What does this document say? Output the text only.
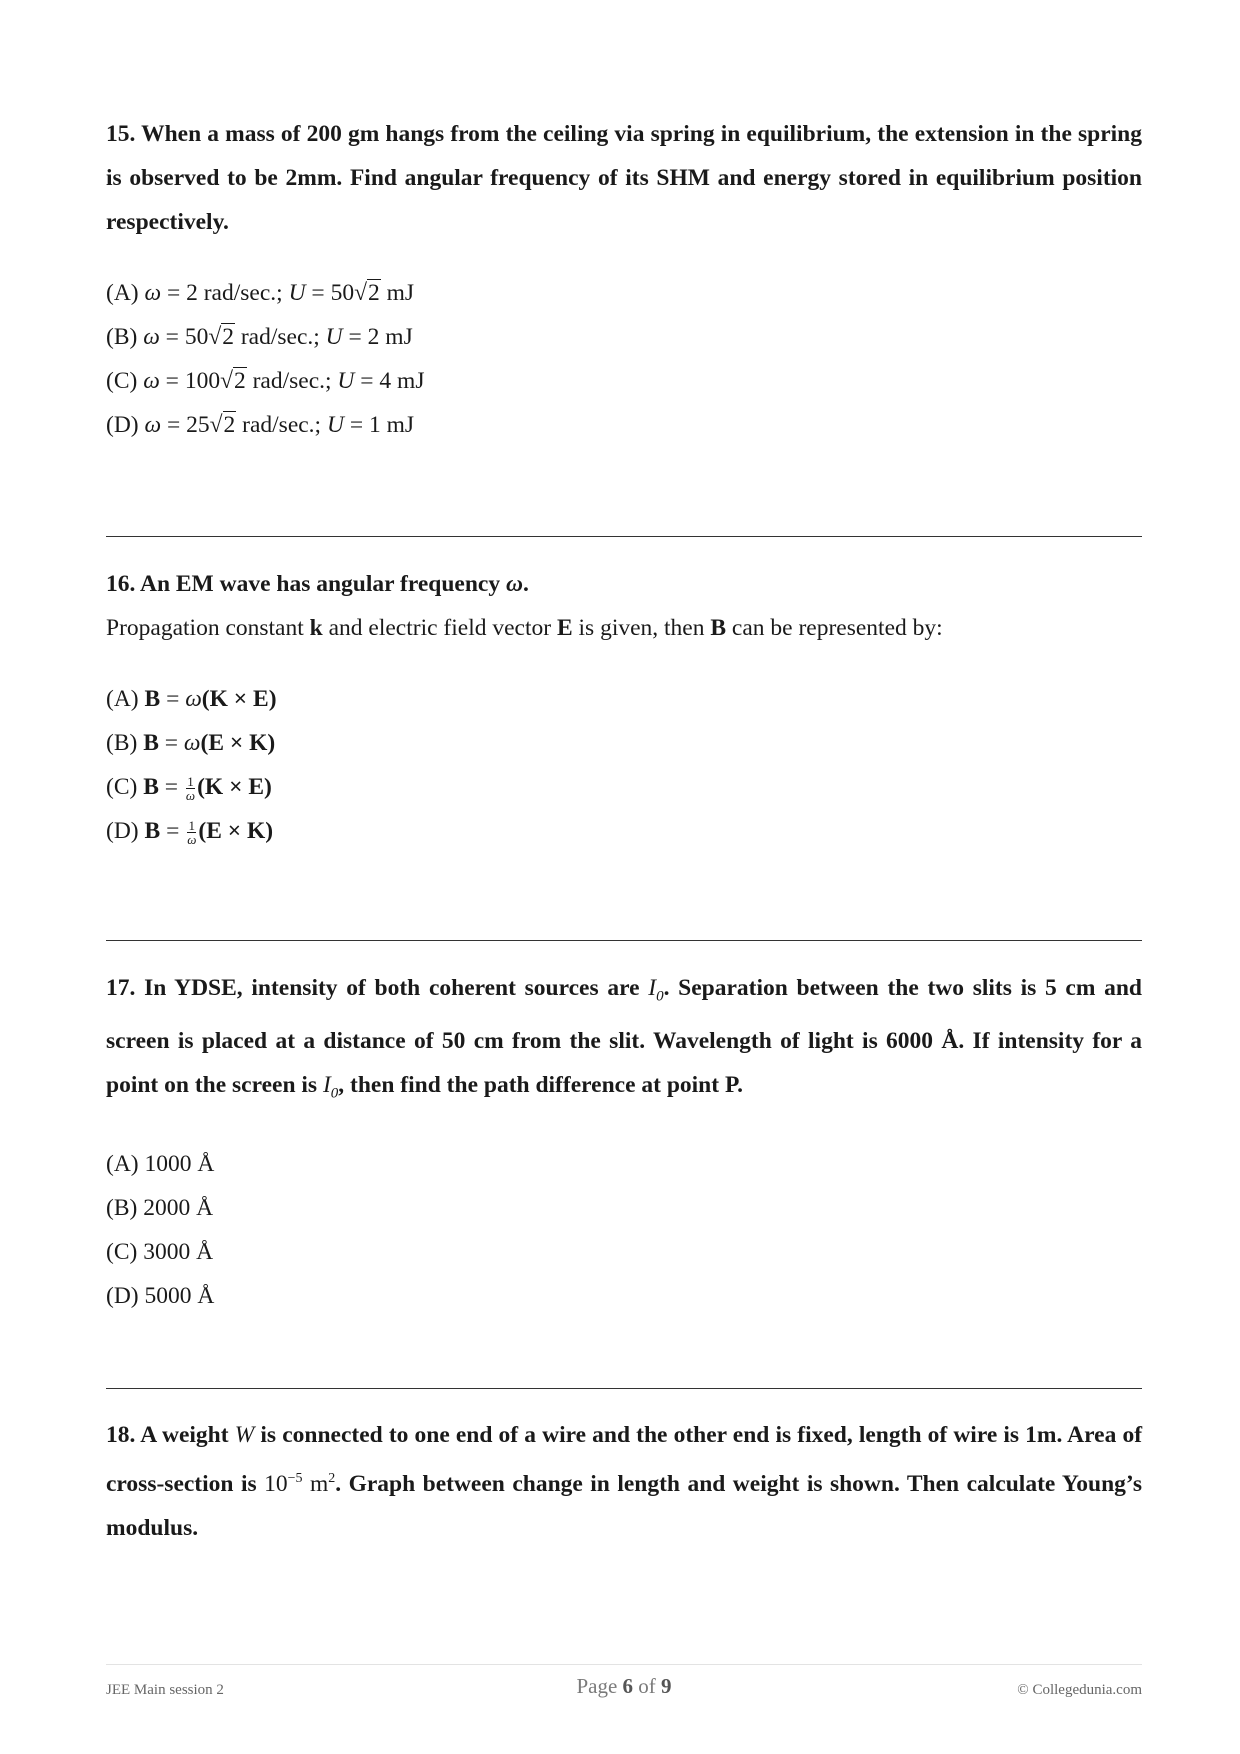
15. When a mass of 200 gm hangs from the ceiling via spring in equilibrium, the extension in the spring is observed to be 2mm. Find angular frequency of its SHM and energy stored in equilibrium position respectively.

(A) ω = 2 rad/sec.; U = 50√2 mJ
(B) ω = 50√2 rad/sec.; U = 2 mJ
(C) ω = 100√2 rad/sec.; U = 4 mJ
(D) ω = 25√2 rad/sec.; U = 1 mJ

16. An EM wave has angular frequency ω.

Propagation constant k and electric field vector E is given, then B can be represented by:

(A) B = ω(K × E)
(B) B = ω(E × K)
(C) $B = \frac{1}{\omega} (K \times E)$
(D) $B = \frac{1}{\omega} (E \times K)$

17. In YDSE, intensity of both coherent sources are $I_0$. Separation between the two slits is 5 cm and screen is placed at a distance of 50 cm from the slit. Wavelength of light is 6000 Å. If intensity for a point on the screen is $I_0$, then find the path difference at point P.

(A) 1000 Å
(B) 2000 Å
(C) 3000 Å
(D) 5000 Å

18. A weight W is connected to one end of a wire and the other end is fixed, length of wire is 1m. Area of cross-section is $10^{-5}$ $m^2$. Graph between change in length and weight is shown. Then calculate Young’s modulus.

JEE Main session 2	Page 6 of 9	© Collegedunia.com
